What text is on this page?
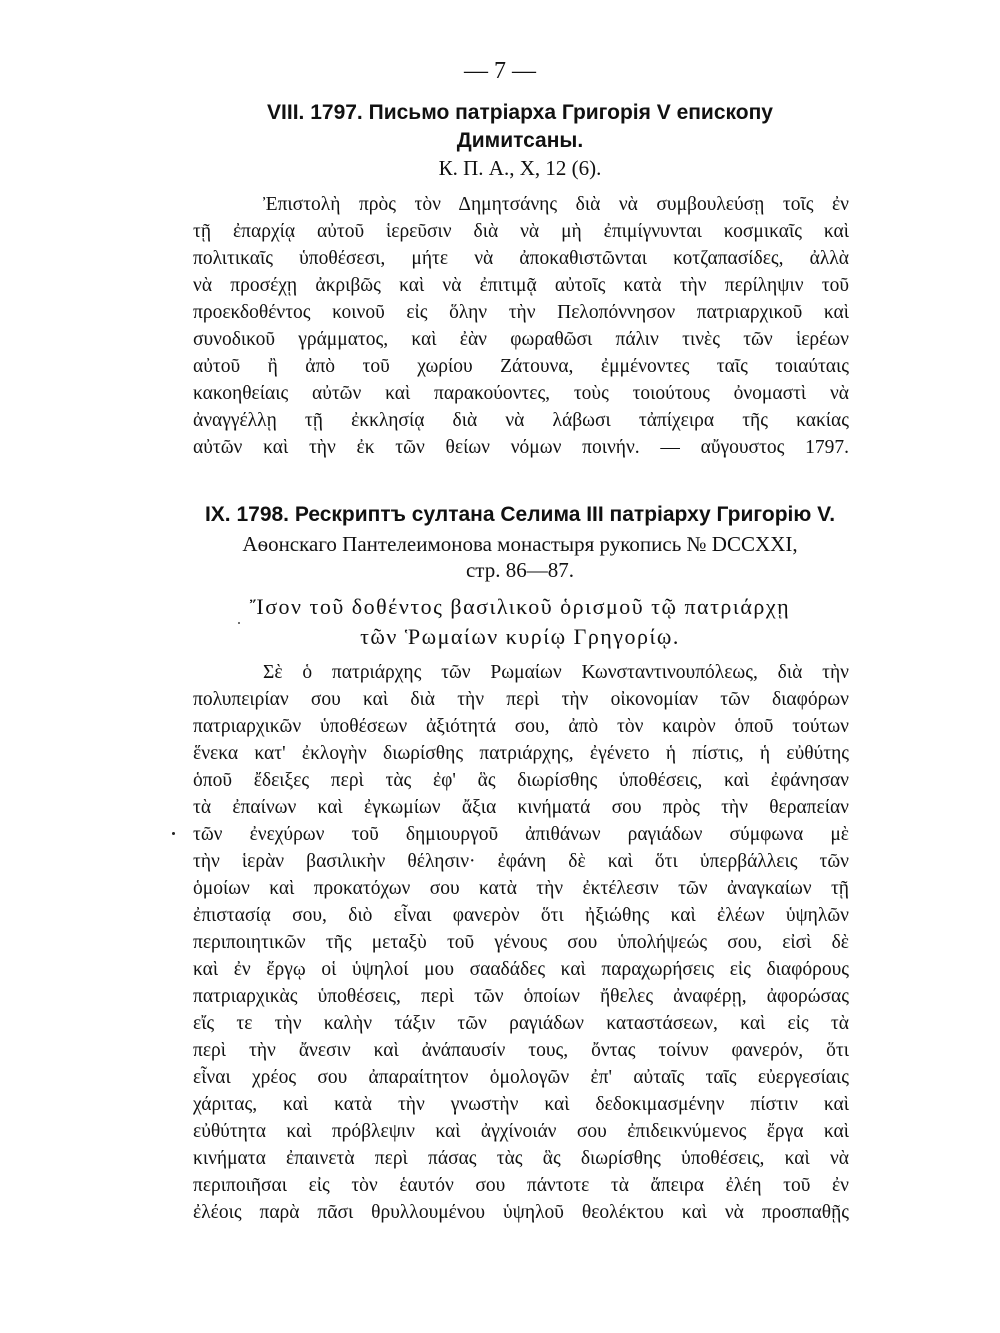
— 7 —
VIII. 1797. Письмо патріарха Григорія V епископу
Димитсаны.
К. П. А., Х, 12 (6).
Ἐπιστολὴ πρὸς τὸν Δημητσάνης διὰ νὰ συμβουλεύσῃ τοῖς ἐν
τῇ ἐπαρχίᾳ αὐτοῦ ἱερεῦσιν διὰ νὰ μὴ ἐπιμίγνυνται κοσμικαῖς καὶ
πολιτικαῖς ὑποθέσεσι, μήτε νὰ ἀποκαθιστῶνται κοτζαπασίδες, ἀλλὰ
νὰ προσέχῃ ἀκριβῶς καὶ νὰ ἐπιτιμᾷ αὐτοῖς κατὰ τὴν περίληψιν τοῦ
προεκδοθέντος κοινοῦ εἰς ὅλην τὴν Πελοπόννησον πατριαρχικοῦ καὶ
συνοδικοῦ γράμματος, καὶ ἐὰν φωραθῶσι πάλιν τινὲς τῶν ἱερέων
αὐτοῦ ἢ ἀπὸ τοῦ χωρίου Ζάτουνα, ἐμμένοντες ταῖς τοιαύταις
κακοηθείαις αὐτῶν καὶ παρακούοντες, τοὺς τοιούτους ὀνομαστὶ νὰ
ἀναγγέλλῃ τῇ ἐκκλησίᾳ διὰ νὰ λάβωσι τἀπίχειρα τῆς κακίας
αὐτῶν καὶ τὴν ἐκ τῶν θείων νόμων ποινήν. — αὔγουστος 1797.
IX. 1798. Рескриптъ султана Селима III патріарху Григорію V.
Аѳонскаго Пантелеимонова монастыря рукопись № DCCXXI,
стр. 86—87.
Ἴσον τοῦ δοθέντος βασιλικοῦ ὁρισμοῦ τῷ πατριάρχῃ
τῶν Ῥωμαίων κυρίῳ Γρηγορίῳ.
Σὲ ὁ πατριάρχης τῶν Ρωμαίων Κωνσταντινουπόλεως, διὰ τὴν
πολυπειρίαν σου καὶ διὰ τὴν περὶ τὴν οἰκονομίαν τῶν διαφόρων
πατριαρχικῶν ὑποθέσεων ἀξιότητά σου, ἀπὸ τὸν καιρὸν ὁποῦ τούτων
ἕνεκα κατ' ἐκλογὴν διωρίσθης πατριάρχης, ἐγένετο ἡ πίστις, ἡ εὐθύτης
ὁποῦ ἔδειξες περὶ τὰς ἐφ' ἃς διωρίσθης ὑποθέσεις, καὶ ἐφάνησαν
τὰ ἐπαίνων καὶ ἐγκωμίων ἄξια κινήματά σου πρὸς τὴν θεραπείαν
τῶν ἐνεχύρων τοῦ δημιουργοῦ ἀπιθάνων ραγιάδων σύμφωνα μὲ
τὴν ἱερὰν βασιλικὴν θέλησιν· ἐφάνη δὲ καὶ ὅτι ὑπερβάλλεις τῶν
ὁμοίων καὶ προκατόχων σου κατὰ τὴν ἐκτέλεσιν τῶν ἀναγκαίων τῇ
ἐπιστασίᾳ σου, διὸ εἶναι φανερὸν ὅτι ἠξιώθης καὶ ἐλέων ὑψηλῶν
περιποιητικῶν τῆς μεταξὺ τοῦ γένους σου ὑπολήψεώς σου, εἰσὶ δὲ
καὶ ἐν ἔργῳ οἱ ὑψηλοί μου σααδάδες καὶ παραχωρήσεις εἰς διαφόρους
πατριαρχικὰς ὑποθέσεις, περὶ τῶν ὁποίων ἤθελες ἀναφέρῃ, ἀφορώσας
εἴς τε τὴν καλὴν τάξιν τῶν ραγιάδων καταστάσεων, καὶ εἰς τὰ
περὶ τὴν ἄνεσιν καὶ ἀνάπαυσίν τους, ὄντας τοίνυν φανερόν, ὅτι
εἶναι χρέος σου ἀπαραίτητον ὁμολογῶν ἐπ' αὐταῖς ταῖς εὐεργεσίαις
χάριτας, καὶ κατὰ τὴν γνωστὴν καὶ δεδοκιμασμένην πίστιν καὶ
εὐθύτητα καὶ πρόβλεψιν καὶ ἀγχίνοιάν σου ἐπιδεικνύμενος ἔργα καὶ
κινήματα ἐπαινετὰ περὶ πάσας τὰς ἃς διωρίσθης ὑποθέσεις, καὶ νὰ
περιποιῆσαι εἰς τὸν ἑαυτόν σου πάντοτε τὰ ἄπειρα ἐλέη τοῦ ἐν
ἐλέοις παρὰ πᾶσι θρυλλουμένου ὑψηλοῦ θεολέκτου καὶ νὰ προσπαθῇς
